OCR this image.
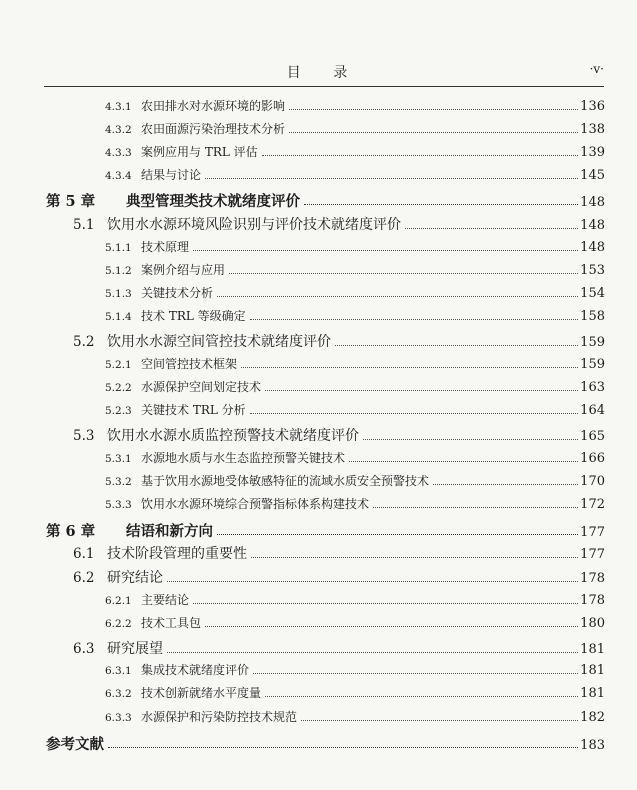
目 录	·v·
4.3.1 农田排水对水源环境的影响	136
4.3.2 农田面源污染治理技术分析	138
4.3.3 案例应用与 TRL 评估	139
4.3.4 结果与讨论	145
第 5 章	典型管理类技术就绪度评价	148
5.1 饮用水水源环境风险识别与评价技术就绪度评价	148
5.1.1 技术原理	148
5.1.2 案例介绍与应用	153
5.1.3 关键技术分析	154
5.1.4 技术 TRL 等级确定	158
5.2 饮用水水源空间管控技术就绪度评价	159
5.2.1 空间管控技术框架	159
5.2.2 水源保护空间划定技术	163
5.2.3 关键技术 TRL 分析	164
5.3 饮用水水源水质监控预警技术就绪度评价	165
5.3.1 水源地水质与水生态监控预警关键技术	166
5.3.2 基于饮用水源地受体敏感特征的流域水质安全预警技术	170
5.3.3 饮用水水源环境综合预警指标体系构建技术	172
第 6 章	结语和新方向	177
6.1 技术阶段管理的重要性	177
6.2 研究结论	178
6.2.1 主要结论	178
6.2.2 技术工具包	180
6.3 研究展望	181
6.3.1 集成技术就绪度评价	181
6.3.2 技术创新就绪水平度量	181
6.3.3 水源保护和污染防控技术规范	182
参考文献	183
